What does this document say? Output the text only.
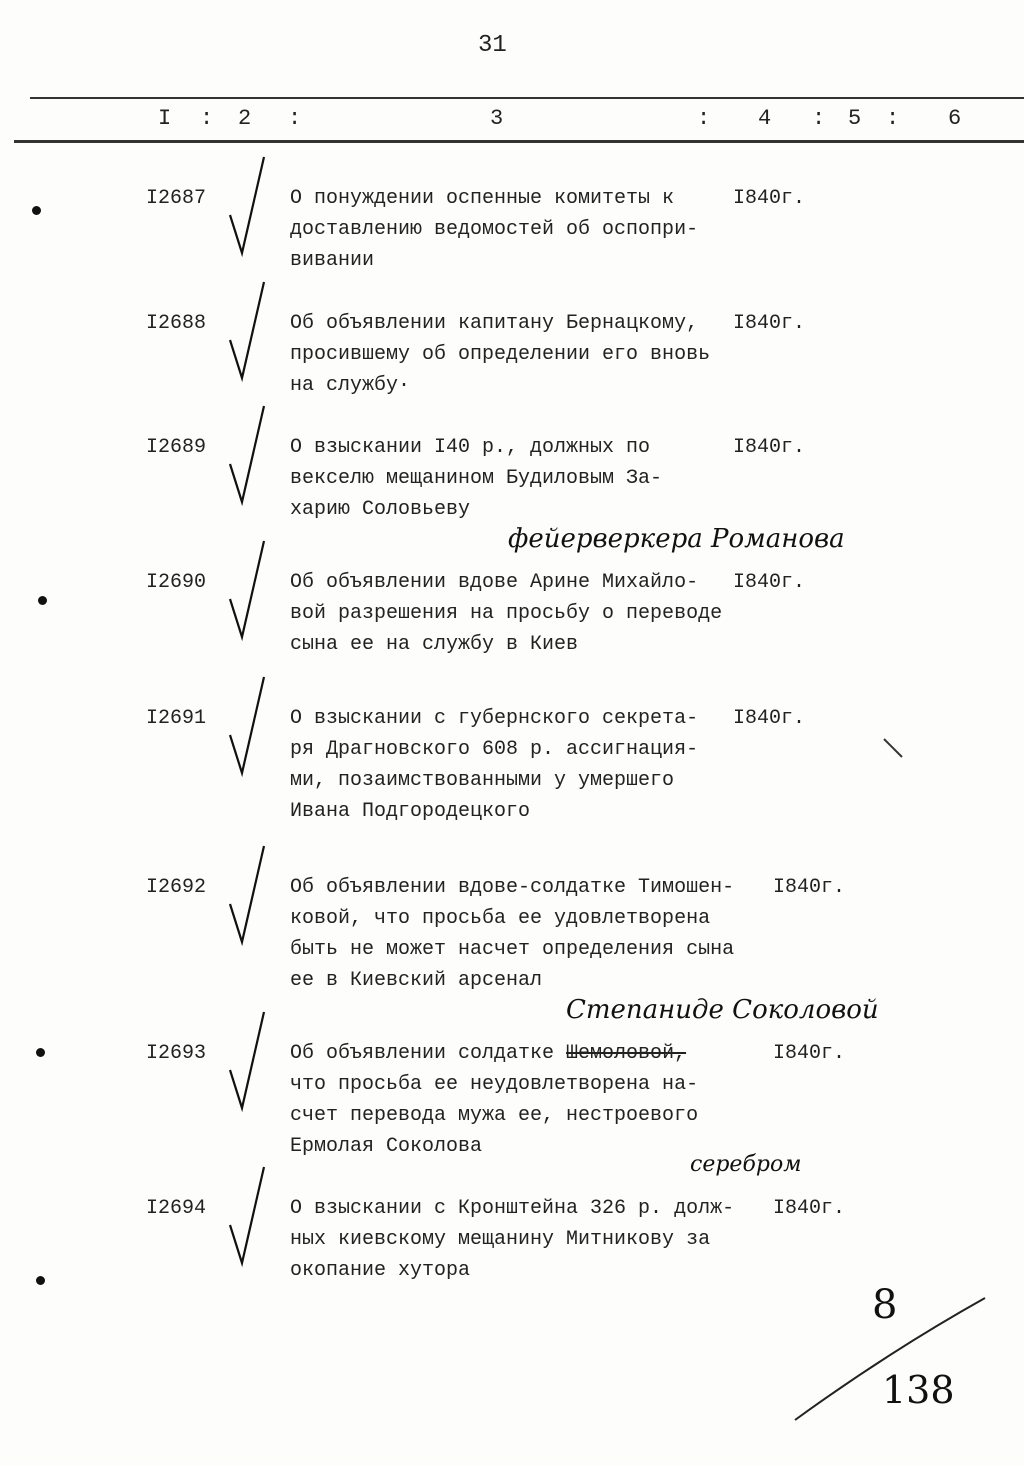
31
I : 2 :	3	: 4 : 5 : 6
I2687	О понуждении оспенные комитеты к
доставлению ведомостей об оспопри-
вивании
I840г.
I2688	Об объявлении капитану Бернацкому,
просившему об определении его вновь
на службу·
I840г.
I2689	О взыскании I40 р., должных по
векселю мещанином Будиловым За-
харию Соловьеву
I840г.
I2690	Об объявлении вдове Арине Михайло-
вой разрешения на просьбу о переводе
сына ее на службу в Киев
I840г.
I2691	О взыскании с губернского секрета-
ря Драгновского 608 р. ассигнация-
ми, позаимствованными у умершего
Ивана Подгородецкого
I840г.
I2692	Об объявлении вдове-солдатке Тимошен-
ковой, что просьба ее удовлетворена
быть не может насчет определения сына
ее в Киевский арсенал
I840г.
I2693	Об объявлении солдатке Шемоловой,
что просьба ее неудовлетворена на-
счет перевода мужа ее, нестроевого
Ермолая Соколова
I840г.
I2694	О взыскании с Кронштейна 326 р. долж-
ных киевскому мещанину Митникову за
окопание хутора
I840г.
фейерверкера Романова
Степаниде Соколовой
серебром
8
138
